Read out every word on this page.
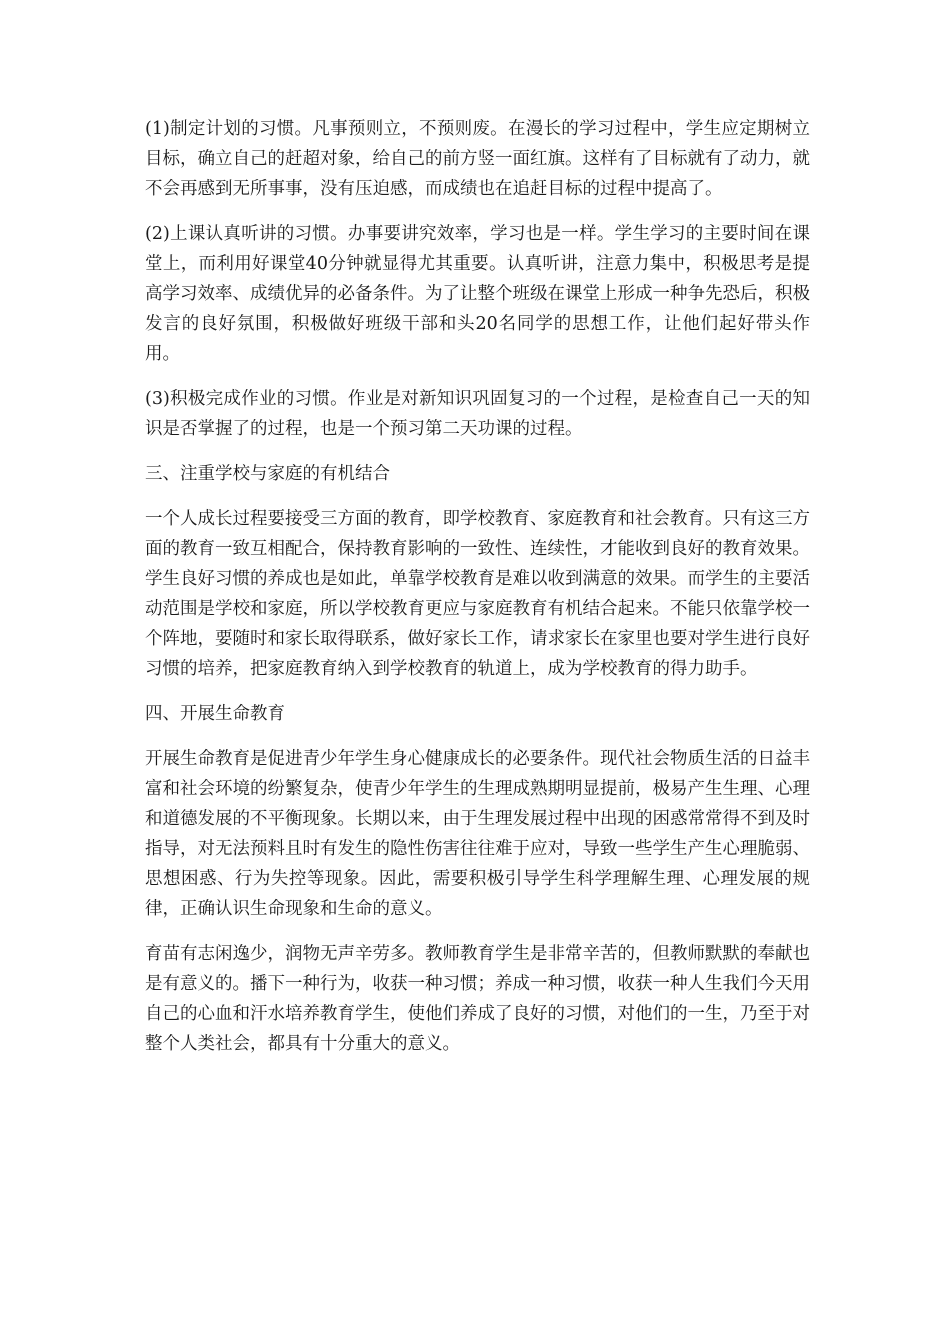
(1)制定计划的习惯。凡事预则立，不预则废。在漫长的学习过程中，学生应定期树立目标，确立自己的赶超对象，给自己的前方竖一面红旗。这样有了目标就有了动力，就不会再感到无所事事，没有压迫感，而成绩也在追赶目标的过程中提高了。

(2)上课认真听讲的习惯。办事要讲究效率，学习也是一样。学生学习的主要时间在课堂上，而利用好课堂40分钟就显得尤其重要。认真听讲，注意力集中，积极思考是提高学习效率、成绩优异的必备条件。为了让整个班级在课堂上形成一种争先恐后，积极发言的良好氛围，积极做好班级干部和头20名同学的思想工作，让他们起好带头作用。

(3)积极完成作业的习惯。作业是对新知识巩固复习的一个过程，是检查自己一天的知识是否掌握了的过程，也是一个预习第二天功课的过程。

三、注重学校与家庭的有机结合

一个人成长过程要接受三方面的教育，即学校教育、家庭教育和社会教育。只有这三方面的教育一致互相配合，保持教育影响的一致性、连续性，才能收到良好的教育效果。学生良好习惯的养成也是如此，单靠学校教育是难以收到满意的效果。而学生的主要活动范围是学校和家庭，所以学校教育更应与家庭教育有机结合起来。不能只依靠学校一个阵地，要随时和家长取得联系，做好家长工作，请求家长在家里也要对学生进行良好习惯的培养，把家庭教育纳入到学校教育的轨道上，成为学校教育的得力助手。

四、开展生命教育

开展生命教育是促进青少年学生身心健康成长的必要条件。现代社会物质生活的日益丰富和社会环境的纷繁复杂，使青少年学生的生理成熟期明显提前，极易产生生理、心理和道德发展的不平衡现象。长期以来，由于生理发展过程中出现的困惑常常得不到及时指导，对无法预料且时有发生的隐性伤害往往难于应对，导致一些学生产生心理脆弱、思想困惑、行为失控等现象。因此，需要积极引导学生科学理解生理、心理发展的规律，正确认识生命现象和生命的意义。

育苗有志闲逸少，润物无声辛劳多。教师教育学生是非常辛苦的，但教师默默的奉献也是有意义的。播下一种行为，收获一种习惯；养成一种习惯，收获一种人生我们今天用自己的心血和汗水培养教育学生，使他们养成了良好的习惯，对他们的一生，乃至于对整个人类社会，都具有十分重大的意义。
